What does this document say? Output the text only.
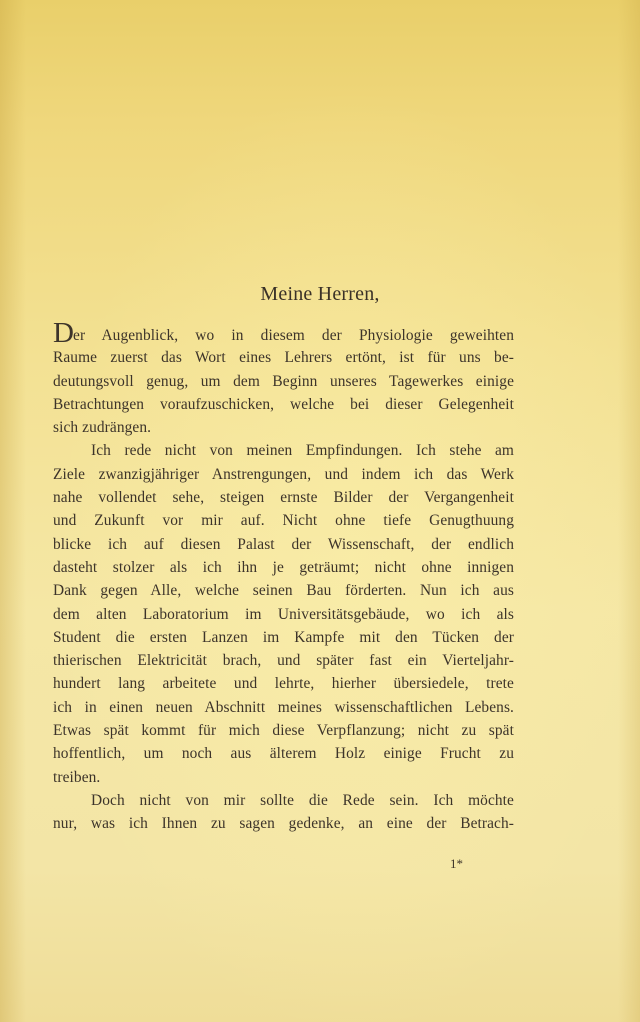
Meine Herren,
Der Augenblick, wo in diesem der Physiologie geweihten
Raume zuerst das Wort eines Lehrers ertönt, ist für uns be-
deutungsvoll genug, um dem Beginn unseres Tagewerkes einige
Betrachtungen voraufzuschicken, welche bei dieser Gelegenheit
sich zudrängen.
Ich rede nicht von meinen Empfindungen. Ich stehe am
Ziele zwanzigjähriger Anstrengungen, und indem ich das Werk
nahe vollendet sehe, steigen ernste Bilder der Vergangenheit
und Zukunft vor mir auf. Nicht ohne tiefe Genugthuung
blicke ich auf diesen Palast der Wissenschaft, der endlich
dasteht stolzer als ich ihn je geträumt; nicht ohne innigen
Dank gegen Alle, welche seinen Bau förderten. Nun ich aus
dem alten Laboratorium im Universitätsgebäude, wo ich als
Student die ersten Lanzen im Kampfe mit den Tücken der
thierischen Elektricität brach, und später fast ein Vierteljahr-
hundert lang arbeitete und lehrte, hierher übersiedele, trete
ich in einen neuen Abschnitt meines wissenschaftlichen Lebens.
Etwas spät kommt für mich diese Verpflanzung; nicht zu spät
hoffentlich, um noch aus älterem Holz einige Frucht zu
treiben.
Doch nicht von mir sollte die Rede sein. Ich möchte
nur, was ich Ihnen zu sagen gedenke, an eine der Betrach-
1*
